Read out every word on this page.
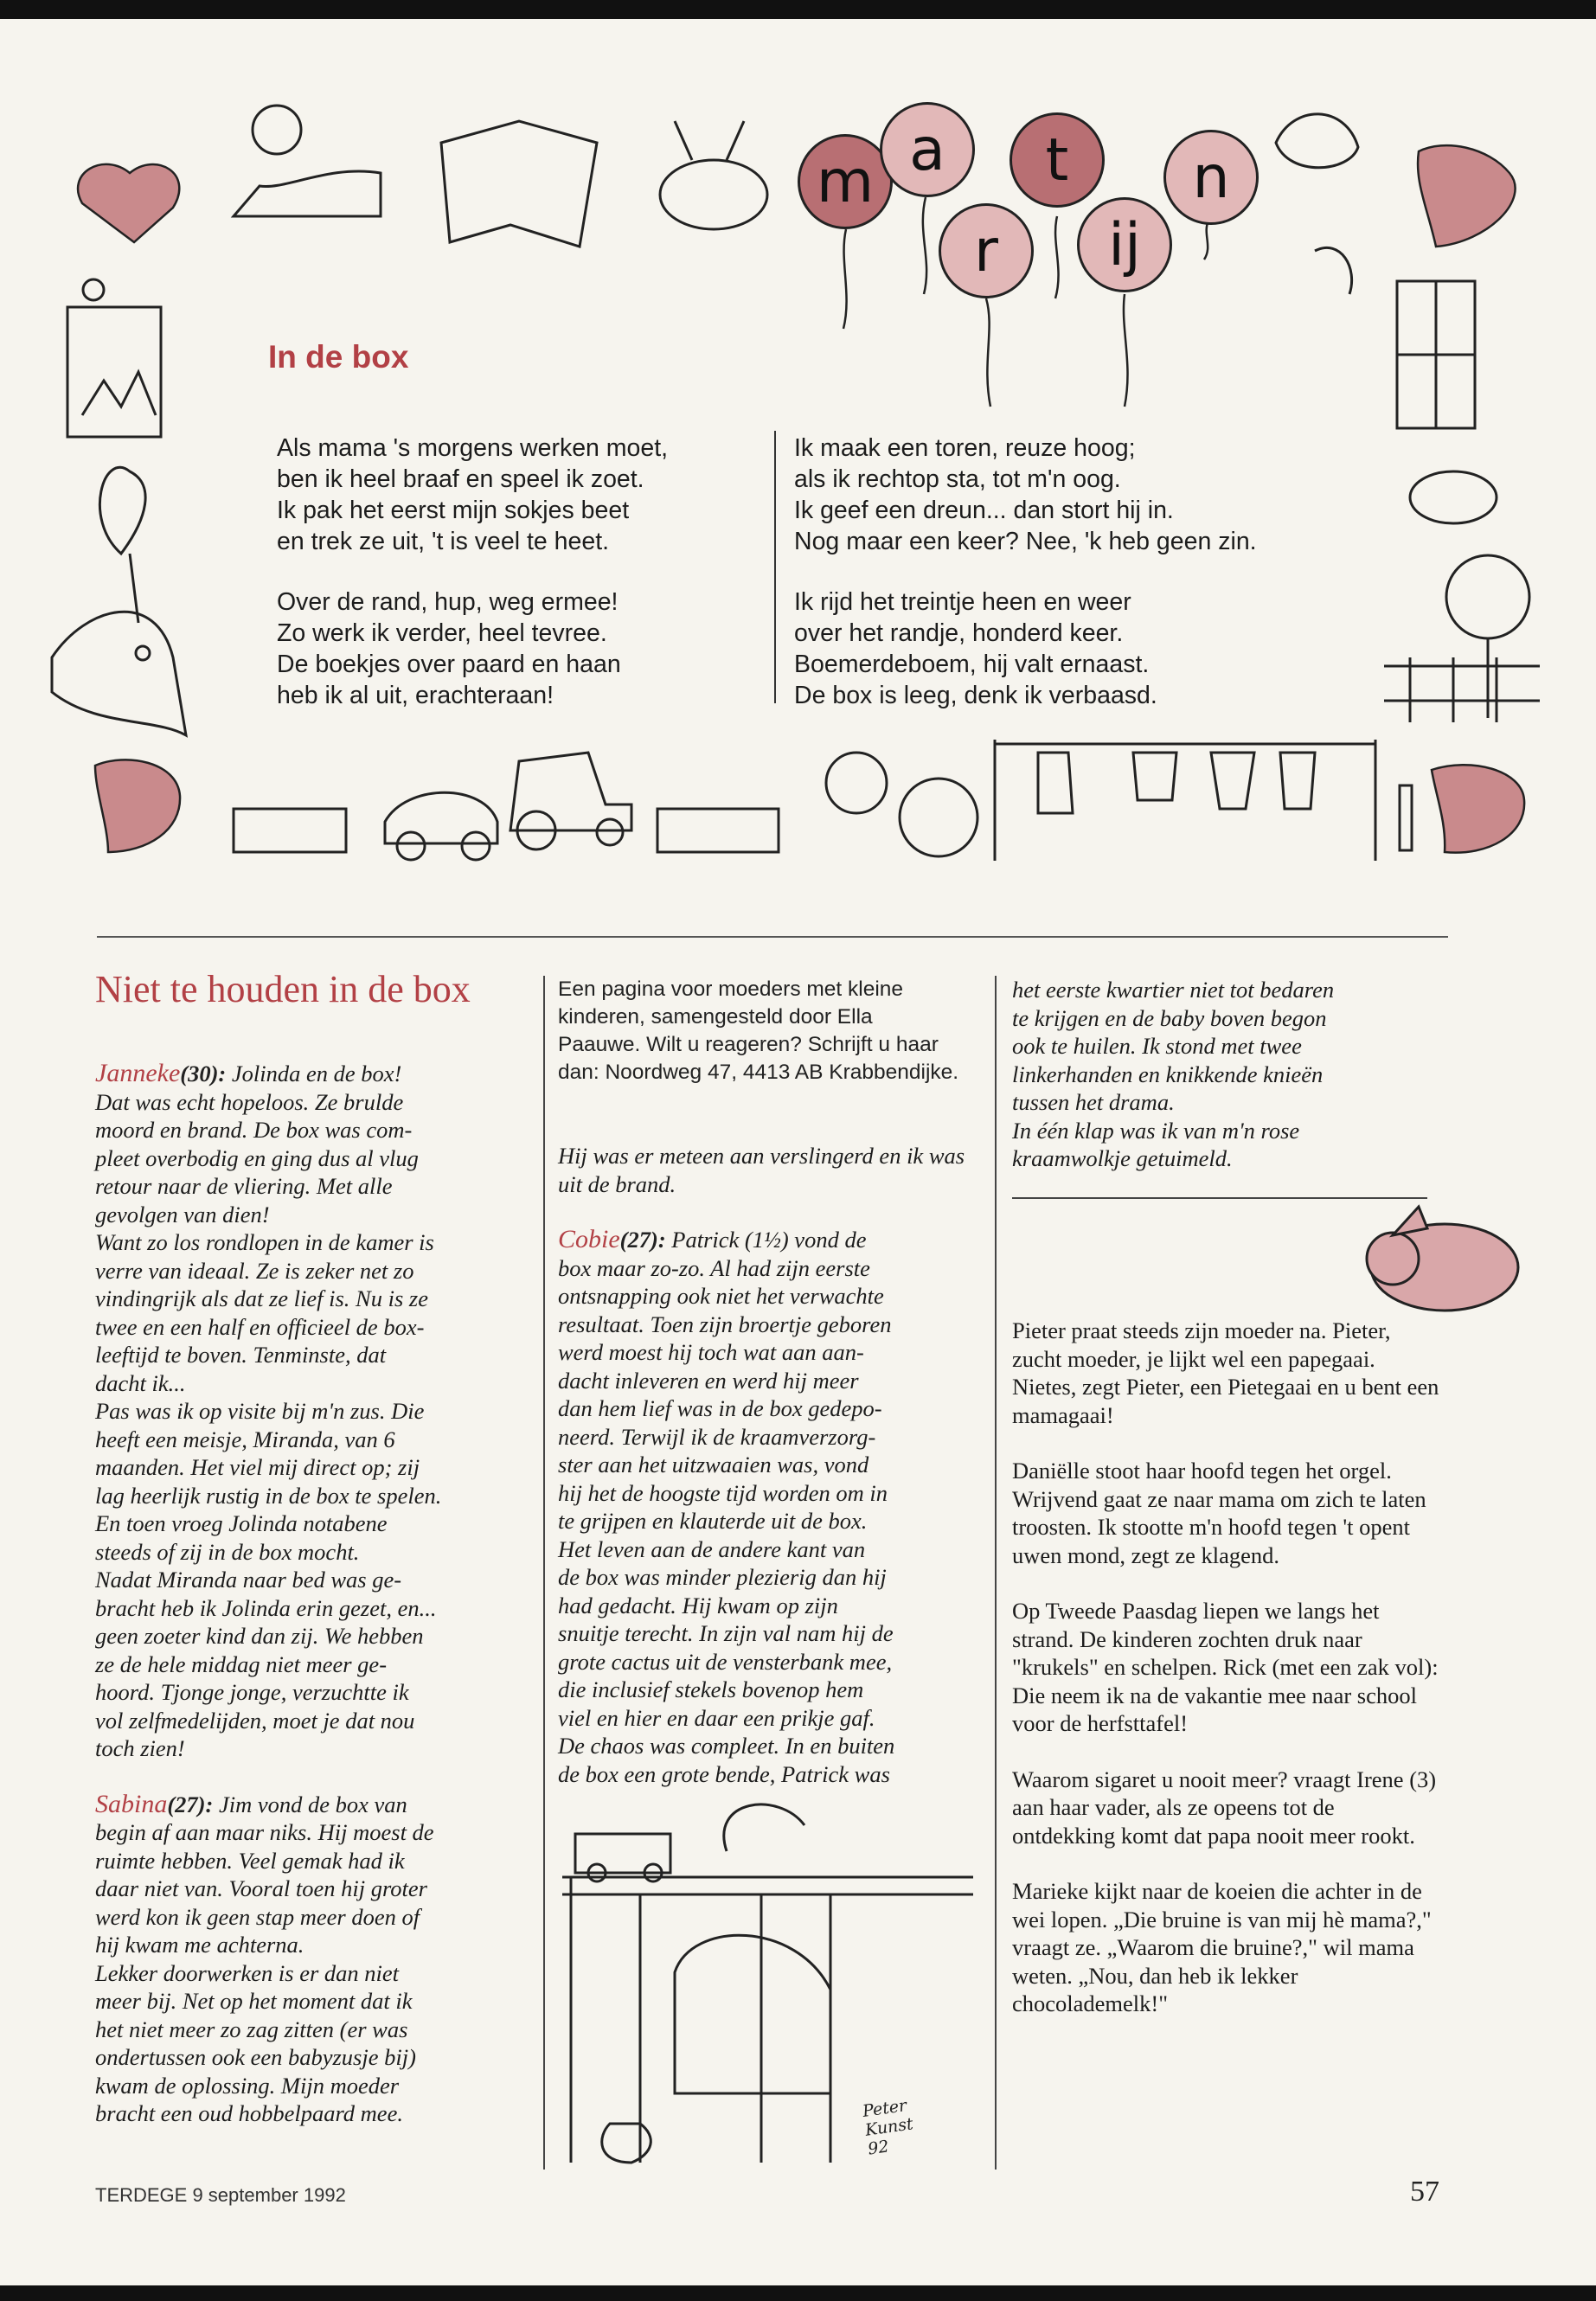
m a
r
t
ij
n
In de box
Als mama 's morgens werken moet,
ben ik heel braaf en speel ik zoet.
Ik pak het eerst mijn sokjes beet
en trek ze uit, 't is veel te heet.
Over de rand, hup, weg ermee!
Zo werk ik verder, heel tevree.
De boekjes over paard en haan
heb ik al uit, erachteraan!
Ik maak een toren, reuze hoog;
als ik rechtop sta, tot m'n oog.
Ik geef een dreun... dan stort hij in.
Nog maar een keer? Nee, 'k heb geen zin.
Ik rijd het treintje heen en weer
over het randje, honderd keer.
Boemerdeboem, hij valt ernaast.
De box is leeg, denk ik verbaasd.
Niet te houden in de box

Janneke(30): Jolinda en de box!

Dat was echt hopeloos. Ze brulde

moord en brand. De box was com-

pleet overbodig en ging dus al vlug

retour naar de vliering. Met alle

gevolgen van dien!

Want zo los rondlopen in de kamer is

verre van ideaal. Ze is zeker net zo

vindingrijk als dat ze lief is. Nu is ze

twee en een half en officieel de box-

leeftijd te boven. Tenminste, dat

dacht ik...

Pas was ik op visite bij m'n zus. Die

heeft een meisje, Miranda, van 6

maanden. Het viel mij direct op; zij

lag heerlijk rustig in de box te spelen.

En toen vroeg Jolinda notabene

steeds of zij in de box mocht.

Nadat Miranda naar bed was ge-

bracht heb ik Jolinda erin gezet, en...

geen zoeter kind dan zij. We hebben

ze de hele middag niet meer ge-

hoord. Tjonge jonge, verzuchtte ik

vol zelfmedelijden, moet je dat nou

toch zien!

Sabina(27): Jim vond de box van

begin af aan maar niks. Hij moest de

ruimte hebben. Veel gemak had ik

daar niet van. Vooral toen hij groter

werd kon ik geen stap meer doen of

hij kwam me achterna.

Lekker doorwerken is er dan niet

meer bij. Net op het moment dat ik

het niet meer zo zag zitten (er was

ondertussen ook een babyzusje bij)

kwam de oplossing. Mijn moeder

bracht een oud hobbelpaard mee.

Een pagina voor moeders met kleine kinderen, samengesteld door Ella Paauwe. Wilt u reageren? Schrijft u haar dan: Noordweg 47, 4413 AB Krabbendijke.

Hij was er meteen aan verslingerd en ik was uit de brand.

Cobie(27): Patrick (1½) vond de

box maar zo-zo. Al had zijn eerste

ontsnapping ook niet het verwachte

resultaat. Toen zijn broertje geboren

werd moest hij toch wat aan aan-

dacht inleveren en werd hij meer

dan hem lief was in de box gedepo-

neerd. Terwijl ik de kraamverzorg-

ster aan het uitzwaaien was, vond

hij het de hoogste tijd worden om in

te grijpen en klauterde uit de box.

Het leven aan de andere kant van

de box was minder plezierig dan hij

had gedacht. Hij kwam op zijn

snuitje terecht. In zijn val nam hij de

grote cactus uit de vensterbank mee,

die inclusief stekels bovenop hem

viel en hier en daar een prikje gaf.

De chaos was compleet. In en buiten

de box een grote bende, Patrick was

Peter Kunst 92

het eerste kwartier niet tot bedaren

te krijgen en de baby boven begon

ook te huilen. Ik stond met twee

linkerhanden en knikkende knieën

tussen het drama.

In één klap was ik van m'n rose

kraamwolkje getuimeld.

Pieter praat steeds zijn moeder na. Pieter, zucht moeder, je lijkt wel een papegaai. Nietes, zegt Pieter, een Pietegaai en u bent een mamagaai!

Daniëlle stoot haar hoofd tegen het orgel. Wrijvend gaat ze naar mama om zich te laten troosten. Ik stootte m'n hoofd tegen 't opent uwen mond, zegt ze klagend.

Op Tweede Paasdag liepen we langs het strand. De kinderen zochten druk naar "krukels" en schelpen. Rick (met een zak vol): Die neem ik na de vakantie mee naar school voor de herfsttafel!

Waarom sigaret u nooit meer? vraagt Irene (3) aan haar vader, als ze opeens tot de ontdekking komt dat papa nooit meer rookt.

Marieke kijkt naar de koeien die achter in de wei lopen. „Die bruine is van mij hè mama?," vraagt ze. „Waarom die bruine?," wil mama weten. „Nou, dan heb ik lekker chocolademelk!"

TERDEGE 9 september 1992	57
